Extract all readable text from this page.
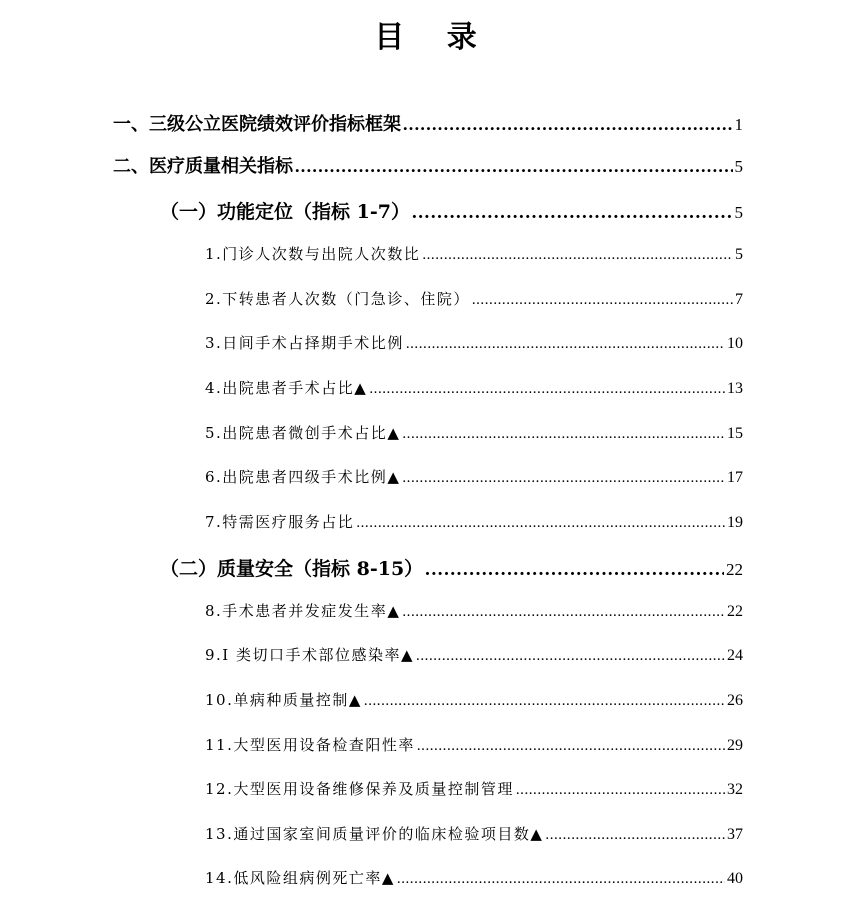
目 录
一、三级公立医院绩效评价指标框架 . . .	1
二、医疗质量相关指标 . . .	5
（一）功能定位（指标 1-7） . . .	5
1.门诊人次数与出院人次数比 . . .	5
2.下转患者人次数（门急诊、住院） . . .	7
3.日间手术占择期手术比例 . . .	10
4.出院患者手术占比▲ . . .	13
5.出院患者微创手术占比▲ . . .	15
6.出院患者四级手术比例▲ . . .	17
7.特需医疗服务占比 . . .	19
（二）质量安全（指标 8-15） . . .	22
8.手术患者并发症发生率▲ . . .	22
9.I 类切口手术部位感染率▲ . . .	24
10.单病种质量控制▲ . . .	26
11.大型医用设备检查阳性率 . . .	29
12.大型医用设备维修保养及质量控制管理 . . .	32
13.通过国家室间质量评价的临床检验项目数▲ . . .	37
14.低风险组病例死亡率▲ . . .	40
